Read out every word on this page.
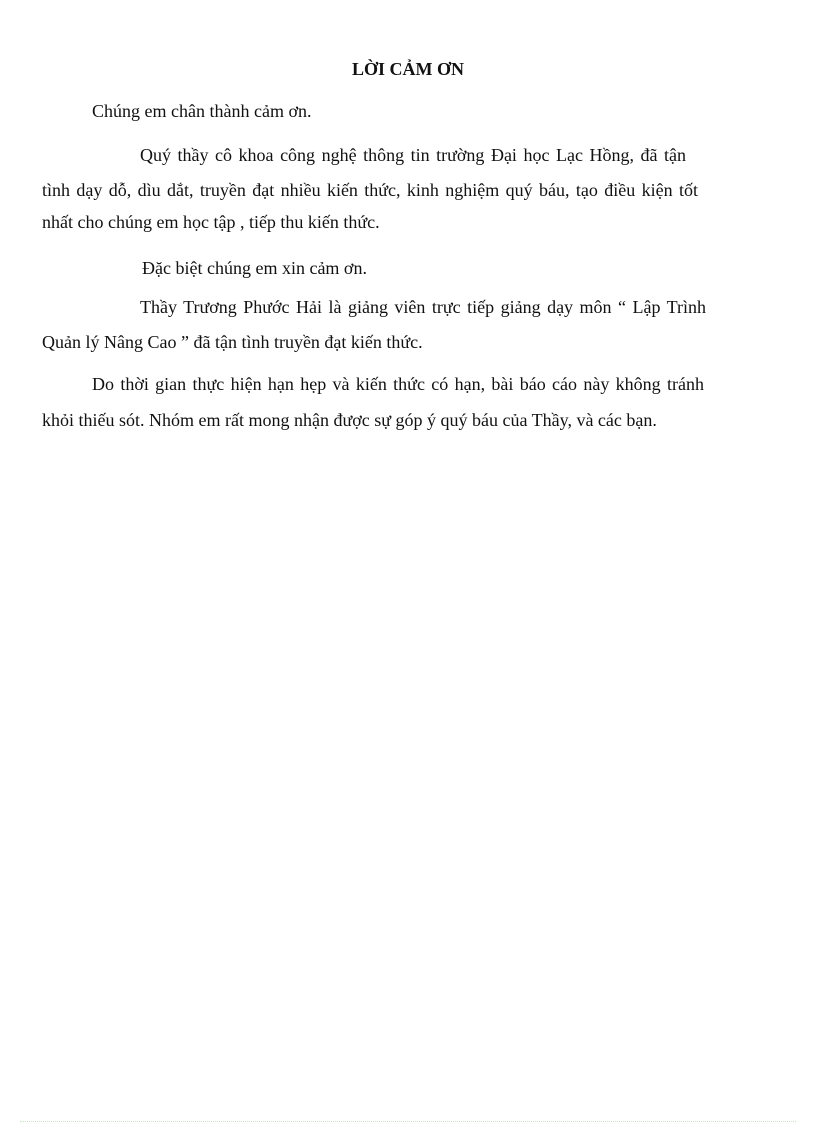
LỜI CẢM ƠN
Chúng em chân thành cảm ơn.
Quý thầy cô khoa công nghệ thông tin trường Đại học Lạc Hồng, đã tận
tình dạy dỗ, dìu dắt, truyền đạt nhiều kiến thức, kinh nghiệm quý báu, tạo điều kiện tốt
nhất cho chúng em học tập , tiếp thu kiến thức.
Đặc biệt chúng em xin cảm ơn.
Thầy Trương Phước Hải là giảng viên trực tiếp giảng dạy môn “ Lập Trình
Quản lý Nâng Cao ” đã tận tình truyền đạt kiến thức.
Do thời gian thực hiện hạn hẹp và kiến thức có hạn, bài báo cáo này không tránh
khỏi thiếu sót. Nhóm em rất mong nhận được sự góp ý quý báu của Thầy, và các bạn.
